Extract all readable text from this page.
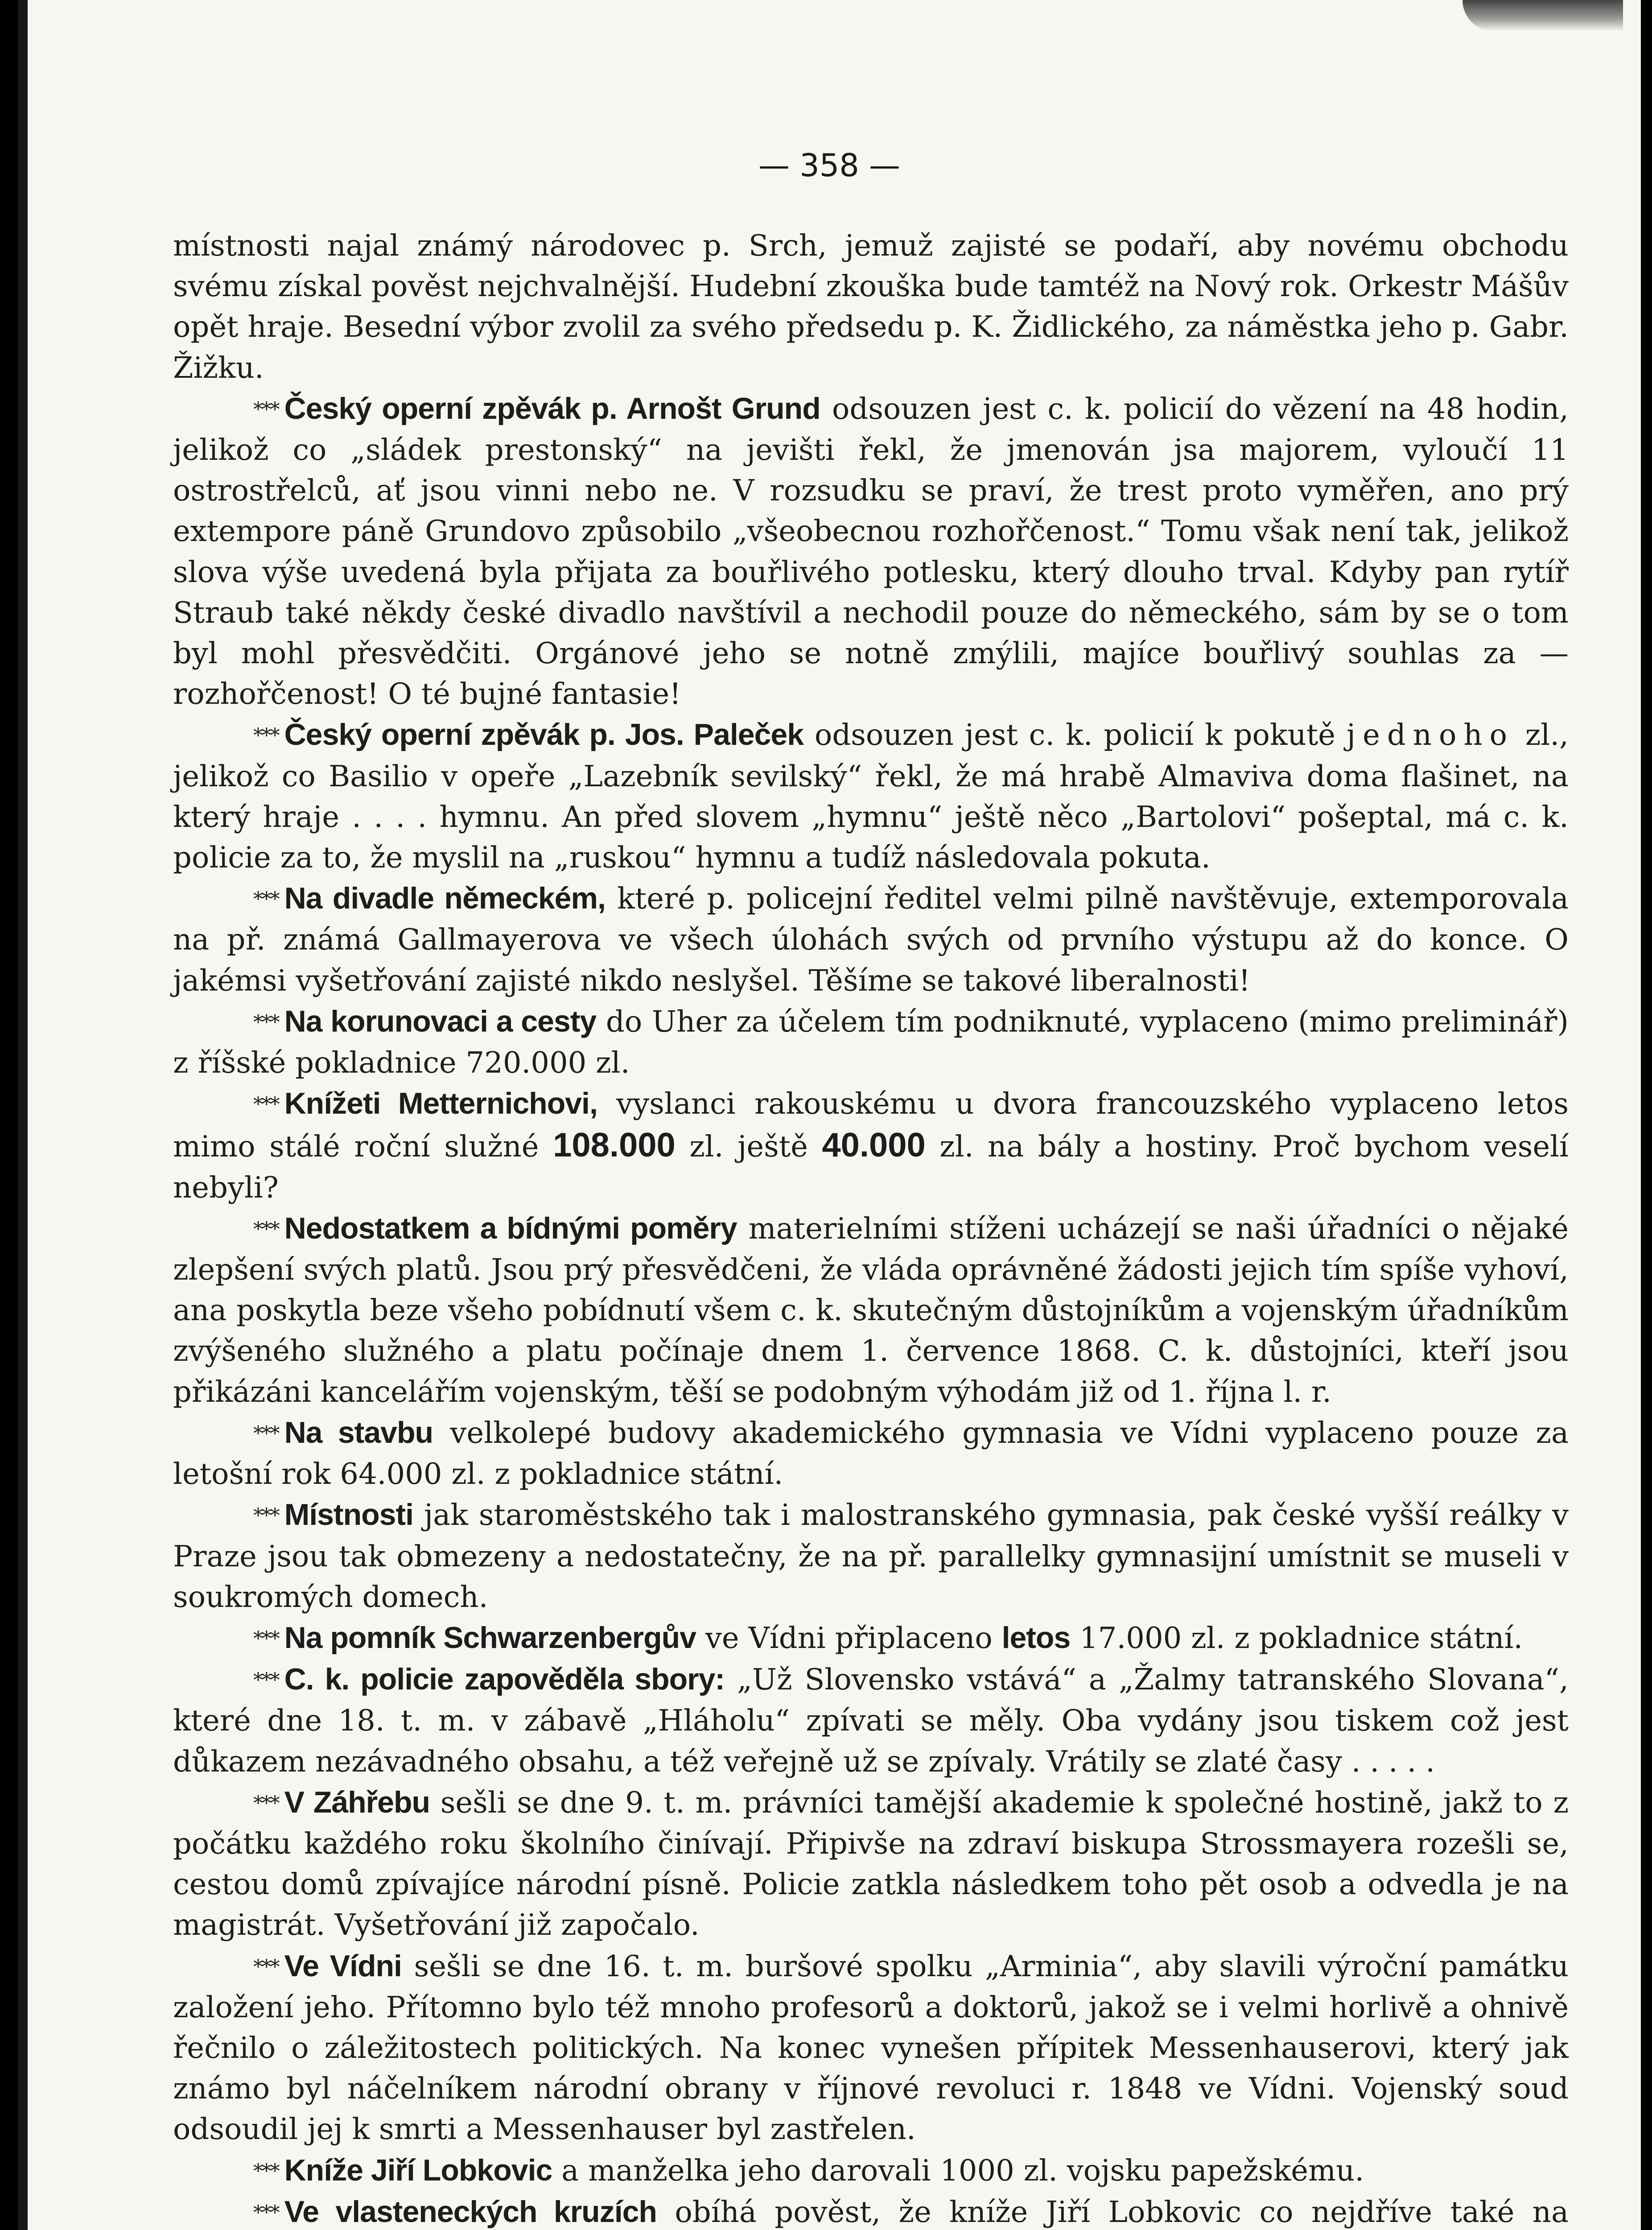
— 358 —

místnosti najal známý národovec p. Srch, jemuž zajisté se podaří, aby novému obchodu svému získal pověst nejchvalnější. Hudební zkouška bude tamtéž na Nový rok. Orkestr Mášův opět hraje. Besední výbor zvolil za svého předsedu p. K. Židlického, za náměstka jeho p. Gabr. Žižku.

* * * Český operní zpěvák p. Arnošt Grund odsouzen jest c. k. policií do vězení na 48 hodin, jelikož co „sládek prestonský“ na jevišti řekl, že jmenován jsa majorem, vyloučí 11 ostrostřelců, ať jsou vinni nebo ne. V rozsudku se praví, že trest proto vyměřen, ano prý extempore páně Grundovo způsobilo „všeobecnou rozhořčenost.“ Tomu však není tak, jelikož slova výše uvedená byla přijata za bouřlivého potlesku, který dlouho trval. Kdyby pan rytíř Straub také někdy české divadlo navštívil a nechodil pouze do německého, sám by se o tom byl mohl přesvědčiti. Orgánové jeho se notně zmýlili, majíce bouřlivý souhlas za — rozhořčenost! O té bujné fantasie!

* * * Český operní zpěvák p. Jos. Paleček odsouzen jest c. k. policií k pokutě jednoho zl., jelikož co Basilio v opeře „Lazebník sevilský“ řekl, že má hrabě Almaviva doma flašinet, na který hraje . . . . hymnu. An před slovem „hymnu“ ještě něco „Bartolovi“ pošeptal, má c. k. policie za to, že myslil na „ruskou“ hymnu a tudíž následovala pokuta.

* * * Na divadle německém, které p. policejní ředitel velmi pilně navštěvuje, extemporovala na př. známá Gallmayerova ve všech úlohách svých od prvního výstupu až do konce. O jakémsi vyšetřování zajisté nikdo neslyšel. Těšíme se takové liberalnosti!

* * * Na korunovaci a cesty do Uher za účelem tím podniknuté, vyplaceno (mimo preliminář) z říšské pokladnice 720.000 zl.

* * * Knížeti Metternichovi, vyslanci rakouskému u dvora francouzského vyplaceno letos mimo stálé roční služné 108.000 zl. ještě 40.000 zl. na bály a hostiny. Proč bychom veselí nebyli?

* * * Nedostatkem a bídnými poměry materielními stíženi ucházejí se naši úřadníci o nějaké zlepšení svých platů. Jsou prý přesvědčeni, že vláda oprávněné žádosti jejich tím spíše vyhoví, ana poskytla beze všeho pobídnutí všem c. k. skutečným důstojníkům a vojenským úřadníkům zvýšeného služného a platu počínaje dnem 1. července 1868. C. k. důstojníci, kteří jsou přikázáni kancelářím vojenským, těší se podobným výhodám již od 1. října l. r.

* * * Na stavbu velkolepé budovy akademického gymnasia ve Vídni vyplaceno pouze za letošní rok 64.000 zl. z pokladnice státní.

* * * Místnosti jak staroměstského tak i malostranského gymnasia, pak české vyšší reálky v Praze jsou tak obmezeny a nedostatečny, že na př. parallelky gymnasijní umístnit se museli v soukromých domech.

* * * Na pomník Schwarzenbergův ve Vídni připlaceno letos 17.000 zl. z pokladnice státní.

* * * C. k. policie zapověděla sbory: „Už Slovensko vstává“ a „Žalmy tatranského Slovana“, které dne 18. t. m. v zábavě „Hláholu“ zpívati se měly. Oba vydány jsou tiskem což jest důkazem nezávadného obsahu, a též veřejně už se zpívaly. Vrátily se zlaté časy . . . . .

* * * V Záhřebu sešli se dne 9. t. m. právníci tamější akademie k společné hostině, jakž to z počátku každého roku školního činívají. Připivše na zdraví biskupa Strossmayera rozešli se, cestou domů zpívajíce národní písně. Policie zatkla následkem toho pět osob a odvedla je na magistrát. Vyšetřování již započalo.

* * * Ve Vídni sešli se dne 16. t. m. buršové spolku „Arminia“, aby slavili výroční památku založení jeho. Přítomno bylo též mnoho profesorů a doktorů, jakož se i velmi horlivě a ohnivě řečnilo o záležitostech politických. Na konec vynešen přípitek Messenhauserovi, který jak známo byl náčelníkem národní obrany v říjnové revoluci r. 1848 ve Vídni. Vojenský soud odsoudil jej k smrti a Messenhauser byl zastřelen.

* * * Kníže Jiří Lobkovic a manželka jeho darovali 1000 zl. vojsku papežskému.

* * * Ve vlasteneckých kruzích obíhá pověst, že kníže Jiří Lobkovic co nejdříve také na
